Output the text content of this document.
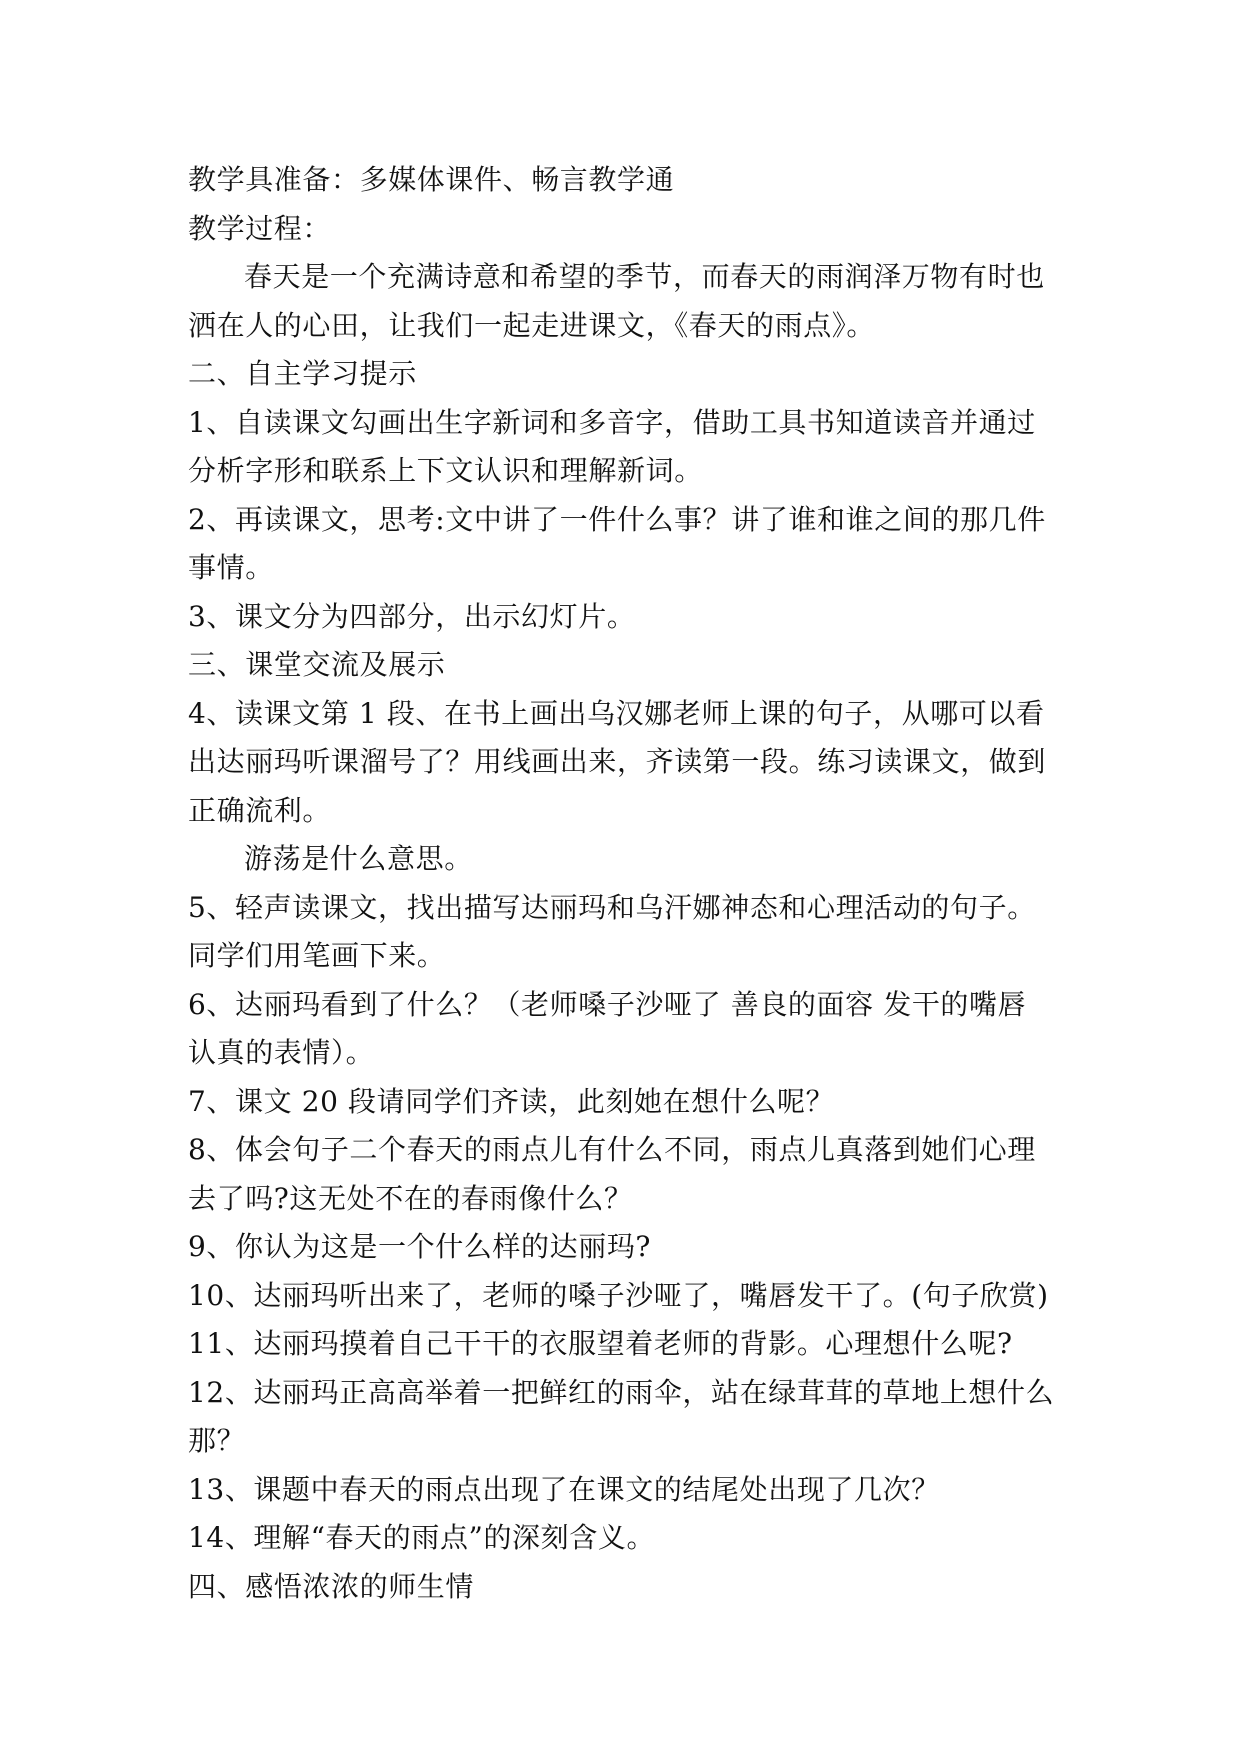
教学具准备：多媒体课件、畅言教学通
教学过程：
春天是一个充满诗意和希望的季节，而春天的雨润泽万物有时也
洒在人的心田，让我们一起走进课文，《春天的雨点》。
二、自主学习提示
1、自读课文勾画出生字新词和多音字，借助工具书知道读音并通过
分析字形和联系上下文认识和理解新词。
2、再读课文，思考:文中讲了一件什么事？讲了谁和谁之间的那几件
事情。
3、课文分为四部分，出示幻灯片。
三、课堂交流及展示
4、读课文第 1 段、在书上画出乌汉娜老师上课的句子，从哪可以看
出达丽玛听课溜号了？用线画出来，齐读第一段。练习读课文，做到
正确流利。
游荡是什么意思。
5、轻声读课文，找出描写达丽玛和乌汗娜神态和心理活动的句子。
同学们用笔画下来。
6、达丽玛看到了什么？（老师嗓子沙哑了 善良的面容 发干的嘴唇
认真的表情）。
7、课文 20 段请同学们齐读，此刻她在想什么呢？
8、体会句子二个春天的雨点儿有什么不同，雨点儿真落到她们心理
去了吗?这无处不在的春雨像什么？
9、你认为这是一个什么样的达丽玛?
10、达丽玛听出来了，老师的嗓子沙哑了，嘴唇发干了。(句子欣赏)
11、达丽玛摸着自己干干的衣服望着老师的背影。心理想什么呢?
12、达丽玛正高高举着一把鲜红的雨伞，站在绿茸茸的草地上想什么
那？
13、课题中春天的雨点出现了在课文的结尾处出现了几次？
14、理解“春天的雨点”的深刻含义。
四、感悟浓浓的师生情
